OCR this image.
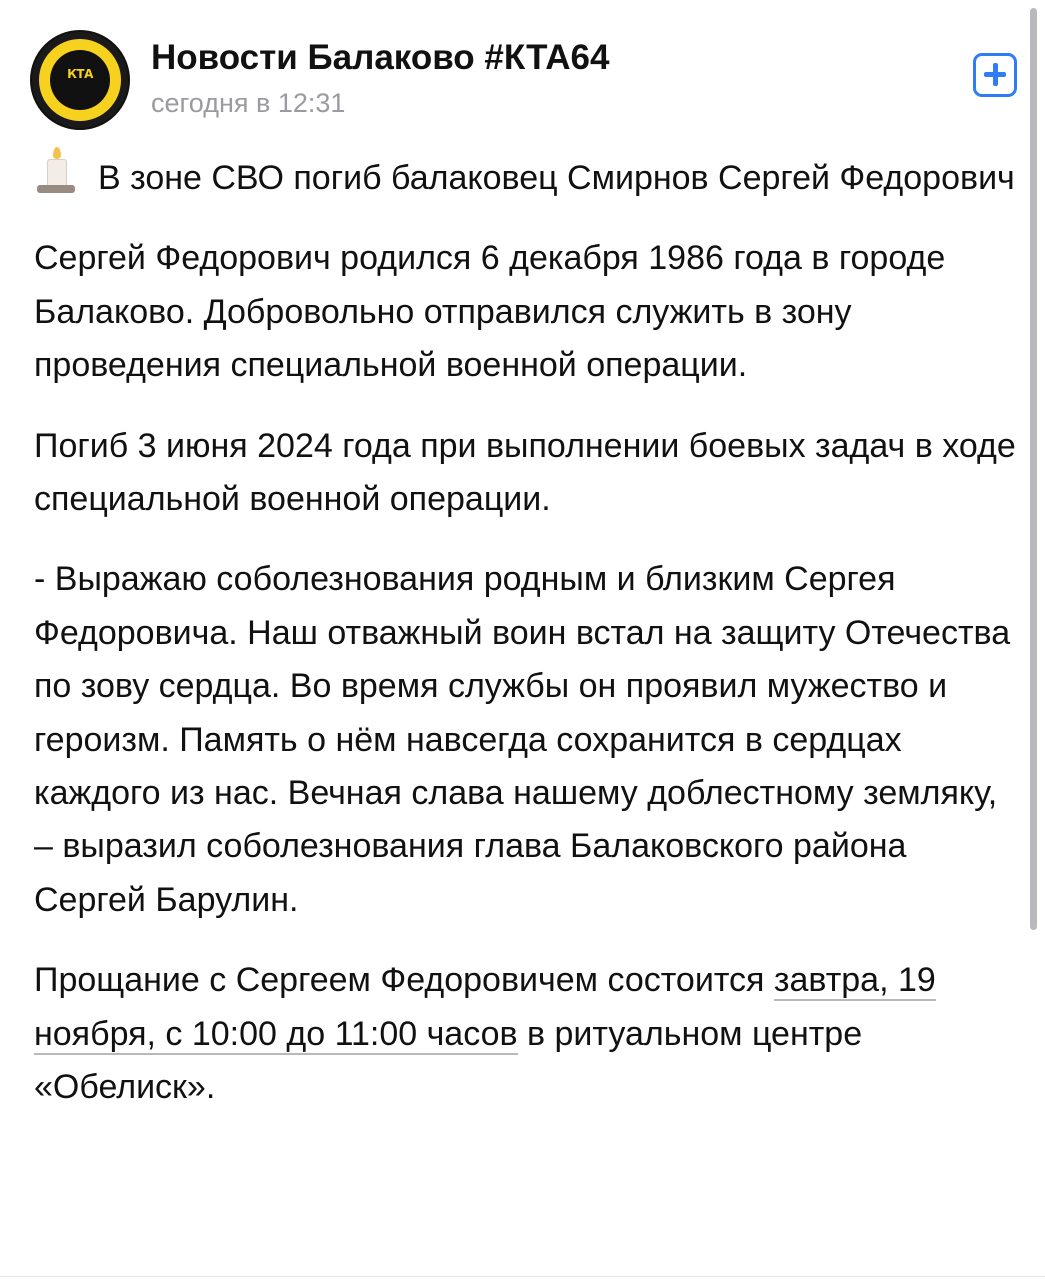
КТА	Новости Балаково #КТА64
сегодня в 12:31

В зоне СВО погиб балаковец Смирнов Сергей Федорович

Сергей Федорович родился 6 декабря 1986 года в городе Балаково. Добровольно отправился служить в зону проведения специальной военной операции.

Погиб 3 июня 2024 года при выполнении боевых задач в ходе специальной военной операции.

- Выражаю соболезнования родным и близким Сергея Федоровича. Наш отважный воин встал на защиту Отечества по зову сердца. Во время службы он проявил мужество и героизм. Память о нём навсегда сохранится в сердцах каждого из нас. Вечная слава нашему доблестному земляку, – выразил соболезнования глава Балаковского района Сергей Барулин.

Прощание с Сергеем Федоровичем состоится завтра, 19 ноября, с 10:00 до 11:00 часов в ритуальном центре «Обелиск».
